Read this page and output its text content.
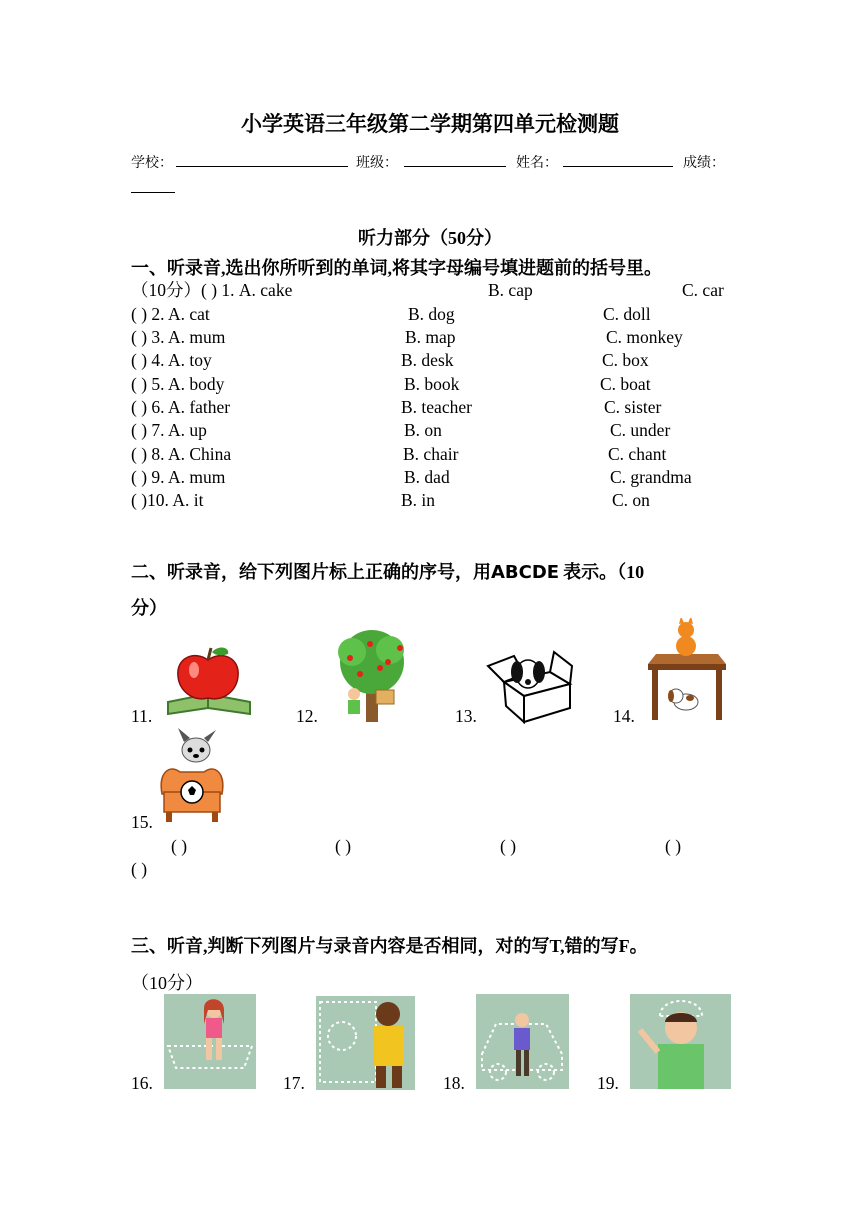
小学英语三年级第二学期第四单元检测题
学校：	班级：	姓名：	成绩：
听力部分（50分）
一、听录音,选出你所听到的单词,将其字母编号填进题前的括号里。
（10分）( ) 1. A. cake	B. cap	C. car
( ) 2. A. cat	B. dog	C. doll
( ) 3. A. mum	B. map	C. monkey
( ) 4. A. toy	B. desk	C. box
( ) 5. A. body	B. book	C. boat
( ) 6. A. father	B. teacher	C. sister
( ) 7. A. up	B. on	C. under
( ) 8. A. China	B. chair	C. chant
( ) 9. A. mum	B. dad	C. grandma
( )10. A. it	B. in	C. on
二、听录音，给下列图片标上正确的序号，用ABCDE 表示。（10
分）
11.	12.	13.	14.
15.
( )	( )	( )	( )
( )
三、听音,判断下列图片与录音内容是否相同，对的写T,错的写F。
（10分）
16.	17.	18.	19.
